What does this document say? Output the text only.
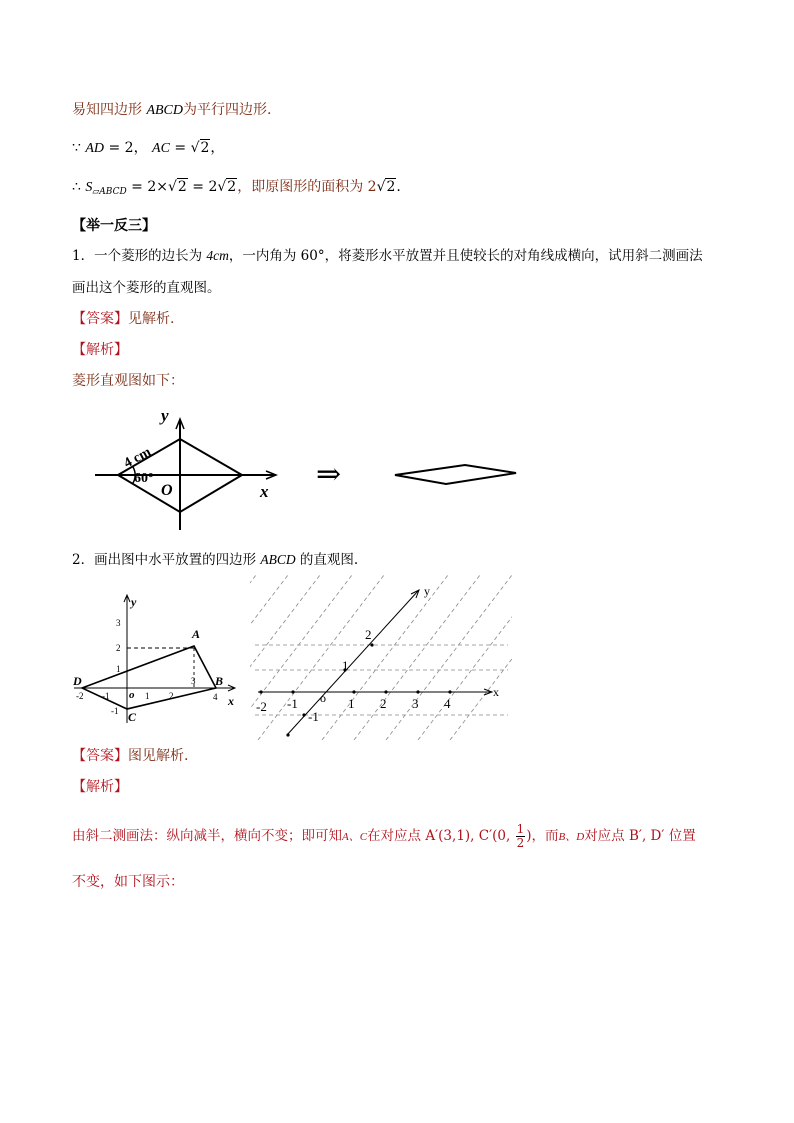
易知四边形 ABCD为平行四边形.
∵ AD = 2， AC = √2，
∴ $S_{▱ABCD} = 2\times√2 = 2√2$，即原图形的面积为 2√2.
【举一反三】
1．一个菱形的边长为 4cm，一内角为 60°，将菱形水平放置并且使较长的对角线成横向，试用斜二测画法
画出这个菱形的直观图。
【答案】见解析.
【解析】
菱形直观图如下：
y
x
O
4 cm
60°	⇒
2．画出图中水平放置的四边形 ABCD 的直观图.
3
2
1
-1
-2 -1	1 2
3
4
o
y
x
A
B
C
D
y
x
o
-2 -1	1 2 3 4
2
1
-1
【答案】图见解析.
【解析】
由斜二测画法：纵向减半，横向不变；即可知A、C在对应点 A′(3,1), C′(0, $\frac{1}{2}$ )，而B、D对应点 B′, D′ 位置
不变，如下图示：
